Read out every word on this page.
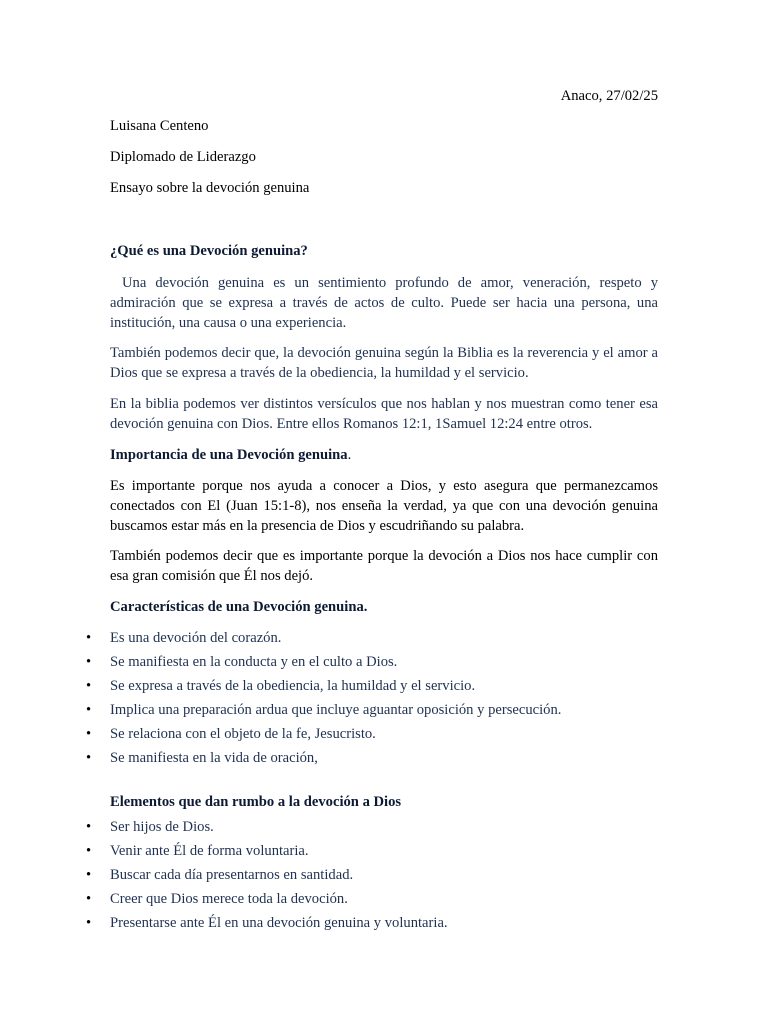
Anaco, 27/02/25

Luisana Centeno

Diplomado de Liderazgo

Ensayo sobre la devoción genuina

¿Qué es una Devoción genuina?

Una devoción genuina es un sentimiento profundo de amor, veneración, respeto y admiración que se expresa a través de actos de culto. Puede ser hacia una persona, una institución, una causa o una experiencia.

También podemos decir que, la devoción genuina según la Biblia es la reverencia y el amor a Dios que se expresa a través de la obediencia, la humildad y el servicio.

En la biblia podemos ver distintos versículos que nos hablan y nos muestran como tener esa devoción genuina con Dios. Entre ellos Romanos 12:1, 1Samuel 12:24 entre otros.

Importancia de una Devoción genuina.

Es importante porque nos ayuda a conocer a Dios, y esto asegura que permanezcamos conectados con El (Juan 15:1-8), nos enseña la verdad, ya que con una devoción genuina buscamos estar más en la presencia de Dios y escudriñando su palabra.

También podemos decir que es importante porque la devoción a Dios nos hace cumplir con esa gran comisión que Él nos dejó.

Características de una Devoción genuina.

• Es una devoción del corazón.
• Se manifiesta en la conducta y en el culto a Dios.
• Se expresa a través de la obediencia, la humildad y el servicio.
• Implica una preparación ardua que incluye aguantar oposición y persecución.
• Se relaciona con el objeto de la fe, Jesucristo.
• Se manifiesta en la vida de oración,

Elementos que dan rumbo a la devoción a Dios

• Ser hijos de Dios.
• Venir ante Él de forma voluntaria.
• Buscar cada día presentarnos en santidad.
• Creer que Dios merece toda la devoción.
• Presentarse ante Él en una devoción genuina y voluntaria.
